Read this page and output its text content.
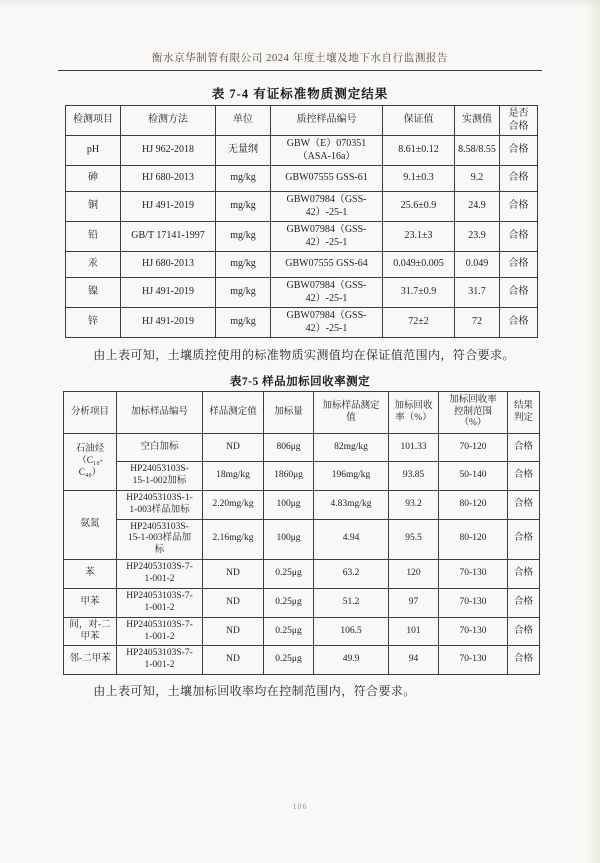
衡水京华制管有限公司 2024 年度土壤及地下水自行监测报告
表 7-4 有证标准物质测定结果
检测项目	检测方法	单位	质控样品编号	保证值	实测值	是否
合格
pH	HJ 962-2018	无量纲	GBW（E）070351
（ASA-16a）	8.61±0.12	8.58/8.55	合格
砷	HJ 680-2013	mg/kg	GBW07555 GSS-61	9.1±0.3	9.2	合格
铜	HJ 491-2019	mg/kg	GBW07984（GSS-
42）-25-1	25.6±0.9	24.9	合格
铅	GB/T 17141-1997	mg/kg	GBW07984（GSS-
42）-25-1	23.1±3	23.9	合格
汞	HJ 680-2013	mg/kg	GBW07555 GSS-64	0.049±0.005	0.049	合格
镍	HJ 491-2019	mg/kg	GBW07984（GSS-
42）-25-1	31.7±0.9	31.7	合格
锌	HJ 491-2019	mg/kg	GBW07984（GSS-
42）-25-1	72±2	72	合格
由上表可知，土壤质控使用的标准物质实测值均在保证值范围内，符合要求。
表7-5 样品加标回收率测定
分析项目	加标样品编号	样品测定值	加标量	加标样品测定
值	加标回收
率（%）	加标回收率
控制范围
（%）	结果
判定
石油烃
（C₁₀-
C₄₀）	空白加标	ND	806μg	82mg/kg	101.33	70-120	合格
	HP24053103S-
15-1-002加标	18mg/kg	1860μg	196mg/kg	93.85	50-140	合格
氨氮	HP24053103S-1-
1-003样品加标	2.20mg/kg	100μg	4.83mg/kg	93.2	80-120	合格
	HP24053103S-
15-1-003样品加
标	2.16mg/kg	100μg	4.94	95.5	80-120	合格
苯	HP24053103S-7-
1-001-2	ND	0.25μg	63.2	120	70-130	合格
甲苯	HP24053103S-7-
1-001-2	ND	0.25μg	51.2	97	70-130	合格
间，对-二
甲苯	HP24053103S-7-
1-001-2	ND	0.25μg	106.5	101	70-130	合格
邻-二甲苯	HP24053103S-7-
1-001-2	ND	0.25μg	49.9	94	70-130	合格
由上表可知，土壤加标回收率均在控制范围内，符合要求。
106
